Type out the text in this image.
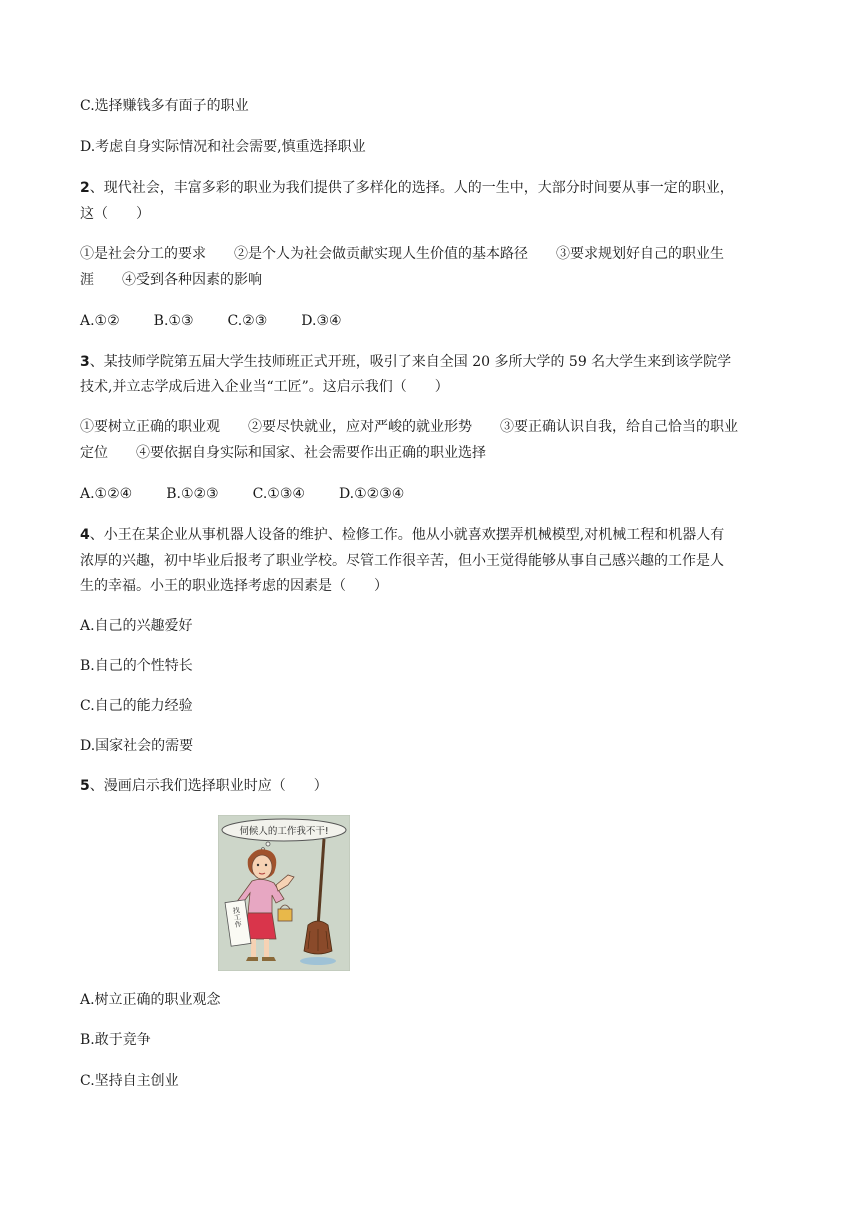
C.选择赚钱多有面子的职业
D.考虑自身实际情况和社会需要,慎重选择职业
2、现代社会，丰富多彩的职业为我们提供了多样化的选择。人的一生中，大部分时间要从事一定的职业，
这（　　）
①是社会分工的要求　　②是个人为社会做贡献实现人生价值的基本路径　　③要求规划好自己的职业生
涯　　④受到各种因素的影响
A.①② B.①③ C.②③ D.③④
3、某技师学院第五届大学生技师班正式开班，吸引了来自全国 20 多所大学的 59 名大学生来到该学院学
技术,并立志学成后进入企业当“工匠”。这启示我们（　　）
①要树立正确的职业观　　②要尽快就业，应对严峻的就业形势　　③要正确认识自我，给自己恰当的职业
定位　　④要依据自身实际和国家、社会需要作出正确的职业选择
A.①②④ B.①②③ C.①③④ D.①②③④
4、小王在某企业从事机器人设备的维护、检修工作。他从小就喜欢摆弄机械模型,对机械工程和机器人有
浓厚的兴趣，初中毕业后报考了职业学校。尽管工作很辛苦，但小王觉得能够从事自己感兴趣的工作是人
生的幸福。小王的职业选择考虑的因素是（　　）
A.自己的兴趣爱好
B.自己的个性特长
C.自己的能力经验
D.国家社会的需要
5、漫画启示我们选择职业时应（　　）
伺候人的工作我不干!
找工作
A.树立正确的职业观念
B.敢于竞争
C.坚持自主创业
